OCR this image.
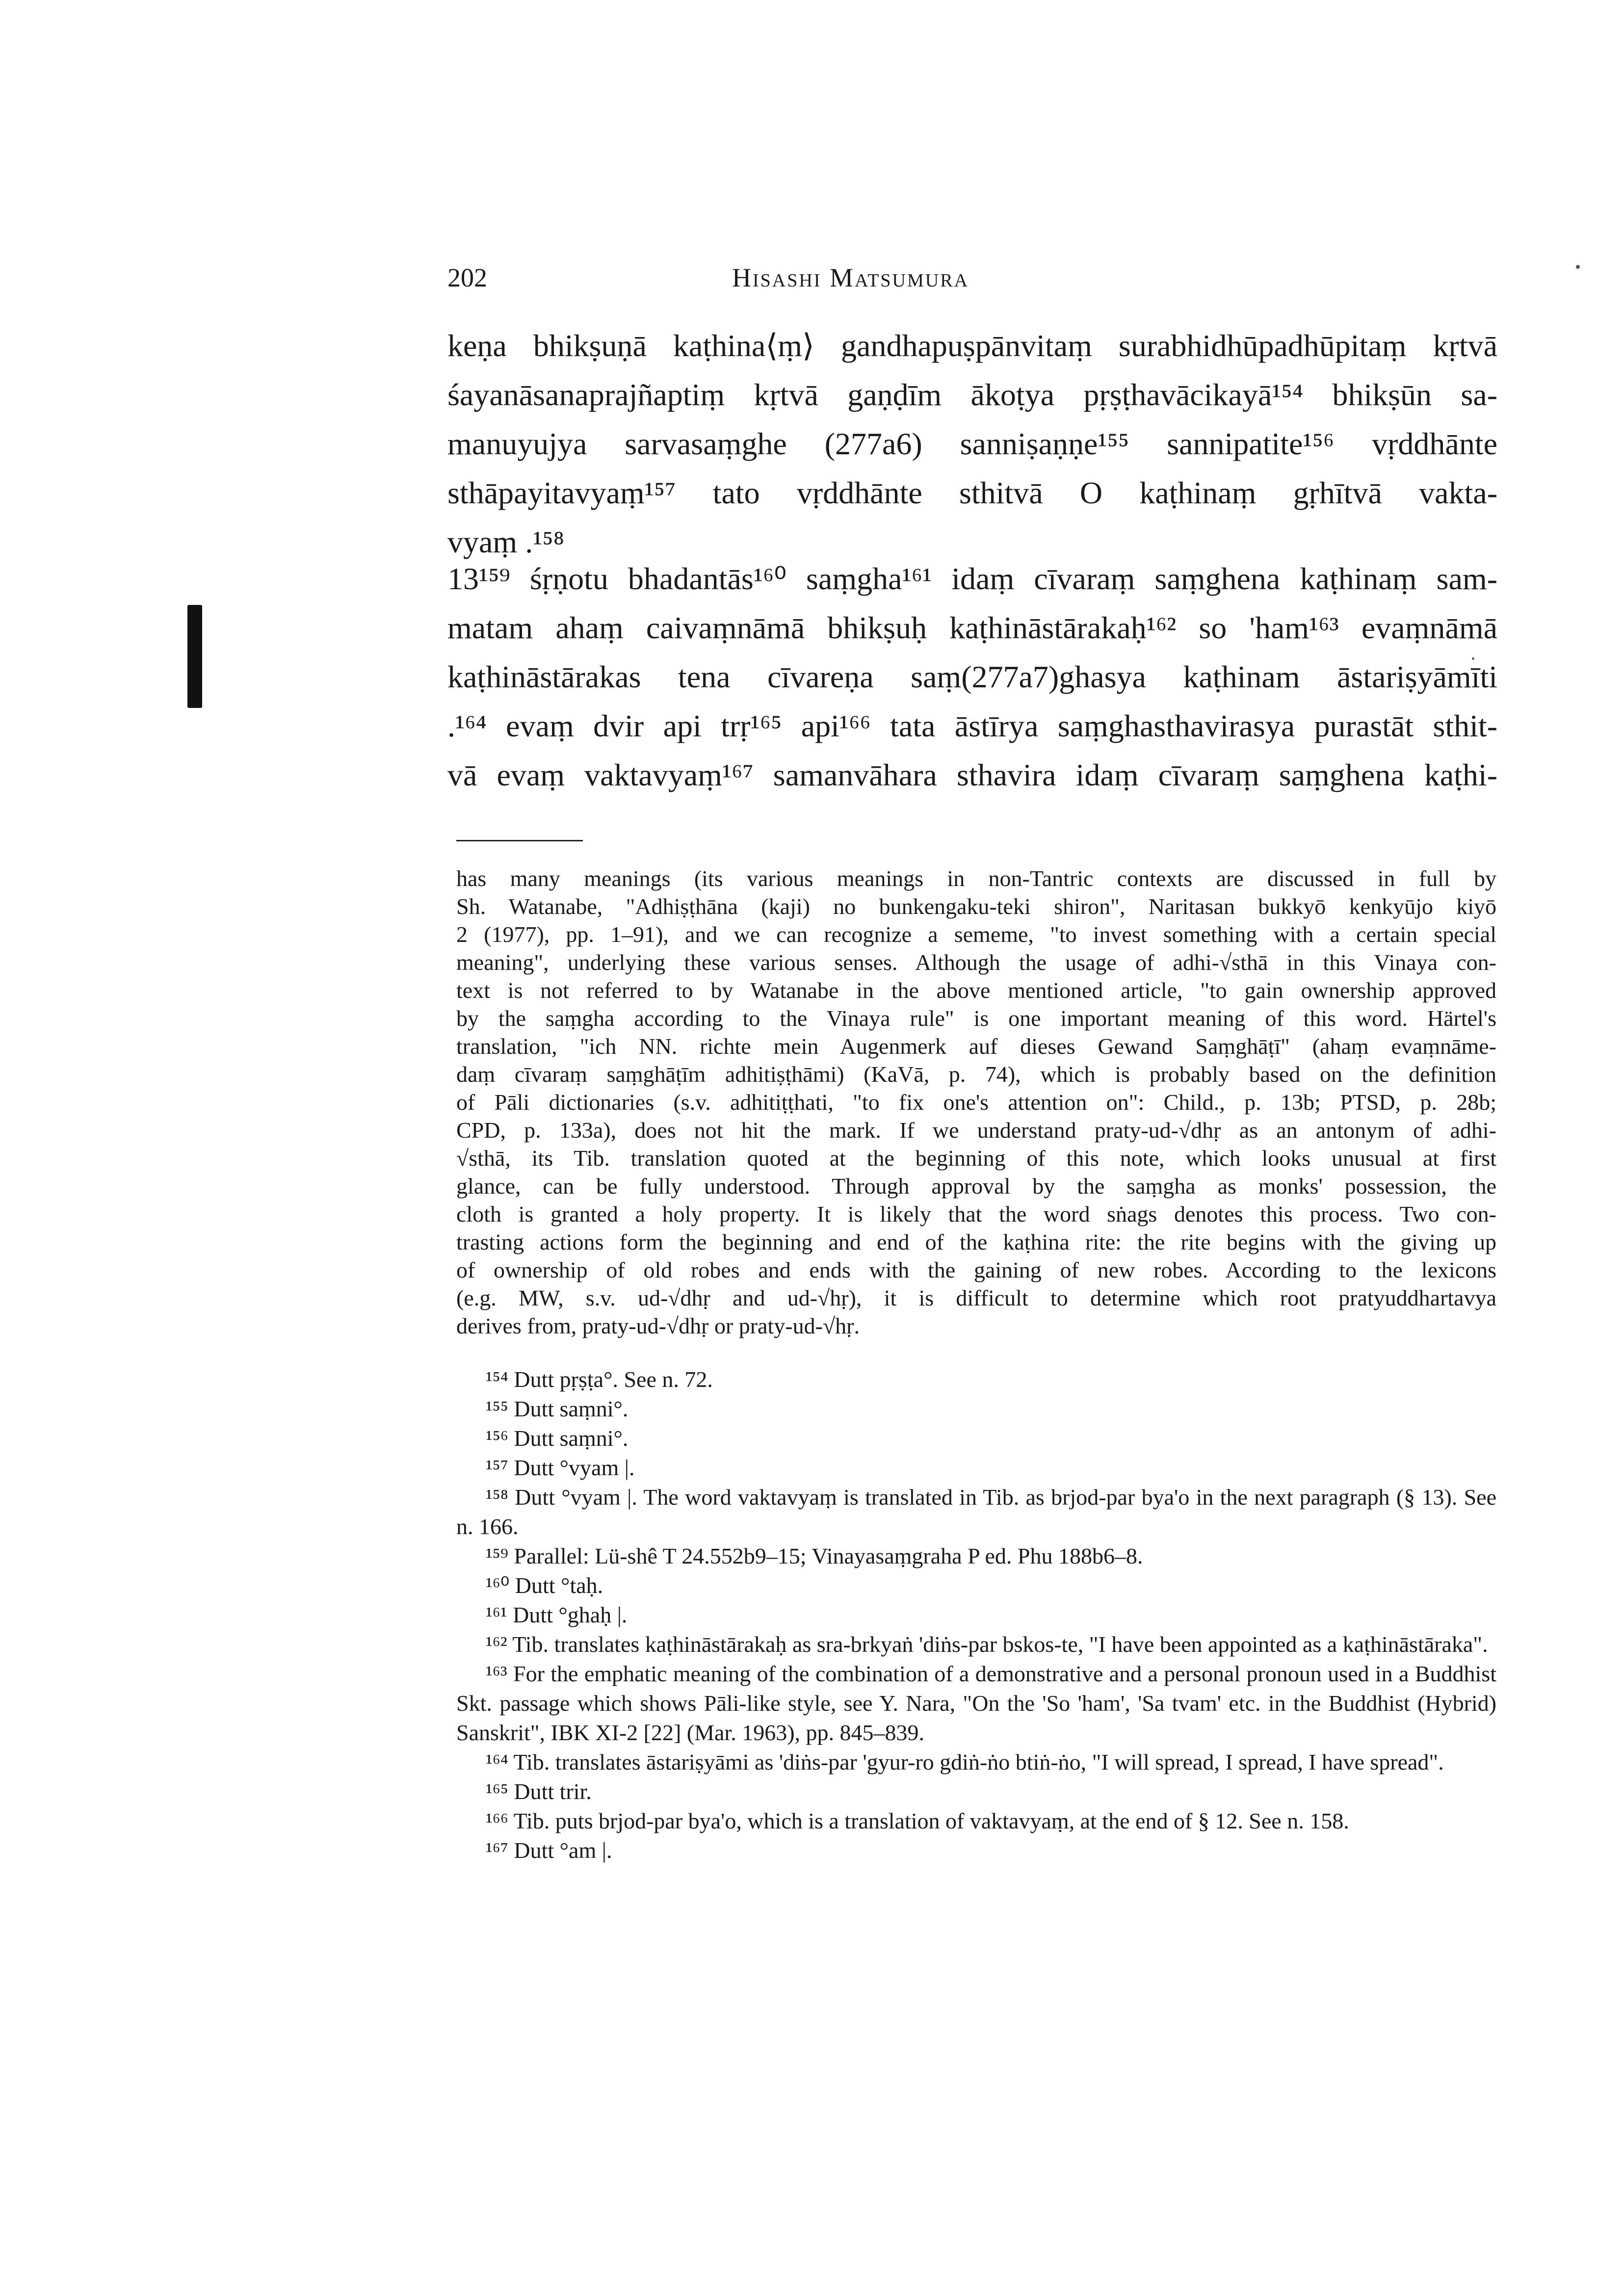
202	Hisashi Matsumura

keṇa bhikṣuṇā kaṭhina⟨ṃ⟩ gandhapuṣpānvitaṃ surabhidhūpadhūpitaṃ kṛtvā

śayanāsanaprajñaptiṃ kṛtvā gaṇḍīm ākoṭya pṛṣṭhavācikayā¹⁵⁴ bhikṣūn sa-

manuyujya sarvasaṃghe (277a6) sanniṣaṇṇe¹⁵⁵ sannipatite¹⁵⁶ vṛddhānte

sthāpayitavyaṃ¹⁵⁷ tato vṛddhānte sthitvā O kaṭhinaṃ gṛhītvā vakta-

vyaṃ .¹⁵⁸

13¹⁵⁹ śṛṇotu bhadantās¹⁶⁰ saṃgha¹⁶¹ idaṃ cīvaraṃ saṃghena kaṭhinaṃ sam-

matam ahaṃ caivaṃnāmā bhikṣuḥ kaṭhināstārakaḥ¹⁶² so 'ham¹⁶³ evaṃnāmā

kaṭhināstārakas tena cīvareṇa saṃ(277a7)ghasya kaṭhinam āstariṣyāmīti

.¹⁶⁴ evaṃ dvir api trṛ¹⁶⁵ api¹⁶⁶ tata āstīrya saṃghasthavirasya purastāt sthit-

vā evaṃ vaktavyaṃ¹⁶⁷ samanvāhara sthavira idaṃ cīvaraṃ saṃghena kaṭhi-

has many meanings (its various meanings in non-Tantric contexts are discussed in full by

Sh. Watanabe, "Adhiṣṭhāna (kaji) no bunkengaku-teki shiron", Naritasan bukkyō kenkyūjo kiyō

2 (1977), pp. 1–91), and we can recognize a sememe, "to invest something with a certain special

meaning", underlying these various senses. Although the usage of adhi-√sthā in this Vinaya con-

text is not referred to by Watanabe in the above mentioned article, "to gain ownership approved

by the saṃgha according to the Vinaya rule" is one important meaning of this word. Härtel's

translation, "ich NN. richte mein Augenmerk auf dieses Gewand Saṃghāṭī" (ahaṃ evaṃnāme-

daṃ cīvaraṃ saṃghāṭīm adhitiṣṭhāmi) (KaVā, p. 74), which is probably based on the definition

of Pāli dictionaries (s.v. adhitiṭṭhati, "to fix one's attention on": Child., p. 13b; PTSD, p. 28b;

CPD, p. 133a), does not hit the mark. If we understand praty-ud-√dhṛ as an antonym of adhi-

√sthā, its Tib. translation quoted at the beginning of this note, which looks unusual at first

glance, can be fully understood. Through approval by the saṃgha as monks' possession, the

cloth is granted a holy property. It is likely that the word sṅags denotes this process. Two con-

trasting actions form the beginning and end of the kaṭhina rite: the rite begins with the giving up

of ownership of old robes and ends with the gaining of new robes. According to the lexicons

(e.g. MW, s.v. ud-√dhṛ and ud-√hṛ), it is difficult to determine which root pratyuddhartavya

derives from, praty-ud-√dhṛ or praty-ud-√hṛ.

¹⁵⁴ Dutt pṛṣṭa°. See n. 72.
¹⁵⁵ Dutt saṃni°.
¹⁵⁶ Dutt saṃni°.
¹⁵⁷ Dutt °vyam |.
¹⁵⁸ Dutt °vyam |. The word vaktavyaṃ is translated in Tib. as brjod-par bya'o in the next paragraph (§ 13). See n. 166.
¹⁵⁹ Parallel: Lü-shê T 24.552b9–15; Vinayasaṃgraha P ed. Phu 188b6–8.
¹⁶⁰ Dutt °taḥ.
¹⁶¹ Dutt °ghaḥ |.
¹⁶² Tib. translates kaṭhināstārakaḥ as sra-brkyaṅ 'diṅs-par bskos-te, "I have been appointed as a kaṭhināstāraka".
¹⁶³ For the emphatic meaning of the combination of a demonstrative and a personal pronoun used in a Buddhist Skt. passage which shows Pāli-like style, see Y. Nara, "On the 'So 'ham', 'Sa tvam' etc. in the Buddhist (Hybrid) Sanskrit", IBK XI-2 [22] (Mar. 1963), pp. 845–839.
¹⁶⁴ Tib. translates āstariṣyāmi as 'diṅs-par 'gyur-ro gdiṅ-ṅo btiṅ-ṅo, "I will spread, I spread, I have spread".
¹⁶⁵ Dutt trir.
¹⁶⁶ Tib. puts brjod-par bya'o, which is a translation of vaktavyaṃ, at the end of § 12. See n. 158.
¹⁶⁷ Dutt °am |.
